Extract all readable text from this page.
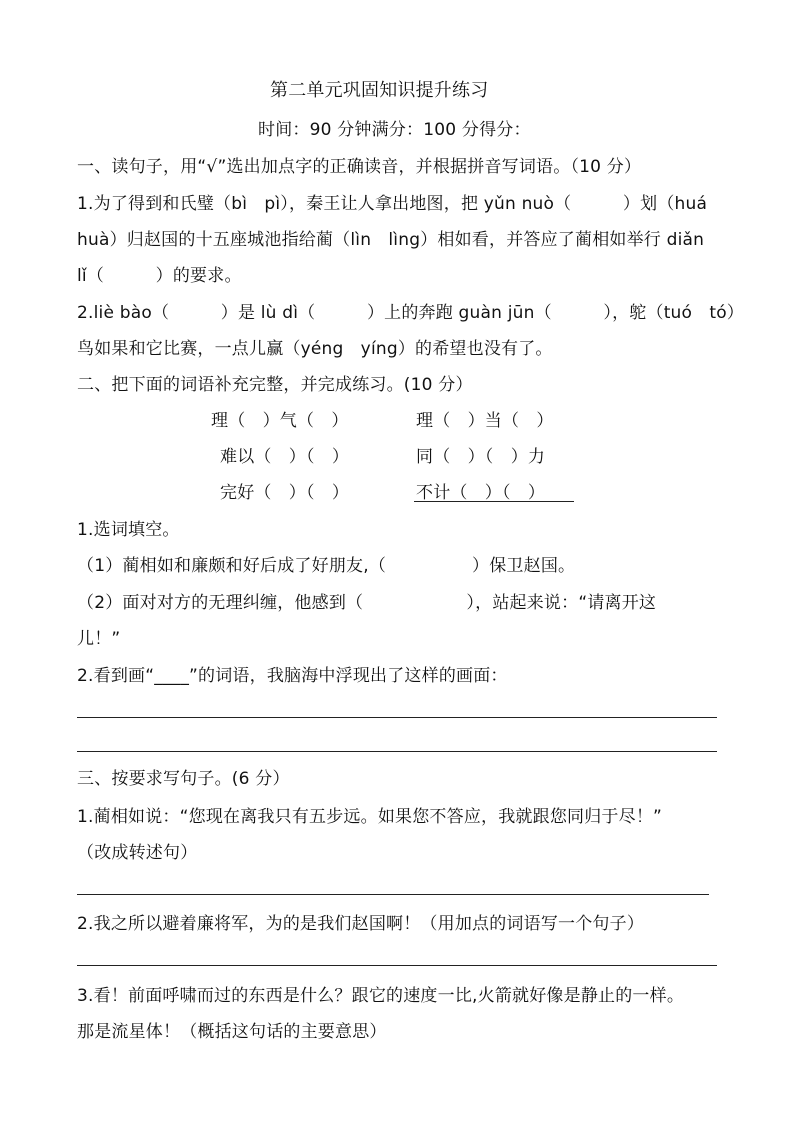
第二单元巩固知识提升练习
时间：90 分钟满分：100 分得分：
一、读句子，用“√”选出加点字的正确读音，并根据拼音写词语。（10 分）
1.为了得到和氏璧（bì　pì），秦王让人拿出地图，把 yǔn nuò（　　　）划（huá
huà）归赵国的十五座城池指给蔺（lìn　lìng）相如看，并答应了蔺相如举行 diǎn
lǐ（　　　）的要求。
2.liè bào（　　　）是 lù dì（　　　）上的奔跑 guàn jūn（　　　），鸵（tuó　tó）
鸟如果和它比赛，一点儿赢（yéng　yíng）的希望也没有了。
二、把下面的词语补充完整，并完成练习。(10 分）
理（　）气（　）	理（　）当（　）
难以（　）（　）	同（　）（　）力
完好（　）（　）	不计（　）（　）
1.选词填空。
（1）蔺相如和廉颇和好后成了好朋友,（　　　　　）保卫赵国。
（2）面对对方的无理纠缠，他感到（　　　　　　），站起来说：“请离开这
儿！”
2.看到画“____”的词语，我脑海中浮现出了这样的画面：
三、按要求写句子。(6 分）
1.蔺相如说：“您现在离我只有五步远。如果您不答应，我就跟您同归于尽！”
（改成转述句）
2.我之所以避着廉将军，为的是我们赵国啊！（用加点的词语写一个句子）
3.看！前面呼啸而过的东西是什么？跟它的速度一比,火箭就好像是静止的一样。
那是流星体！（概括这句话的主要意思）
